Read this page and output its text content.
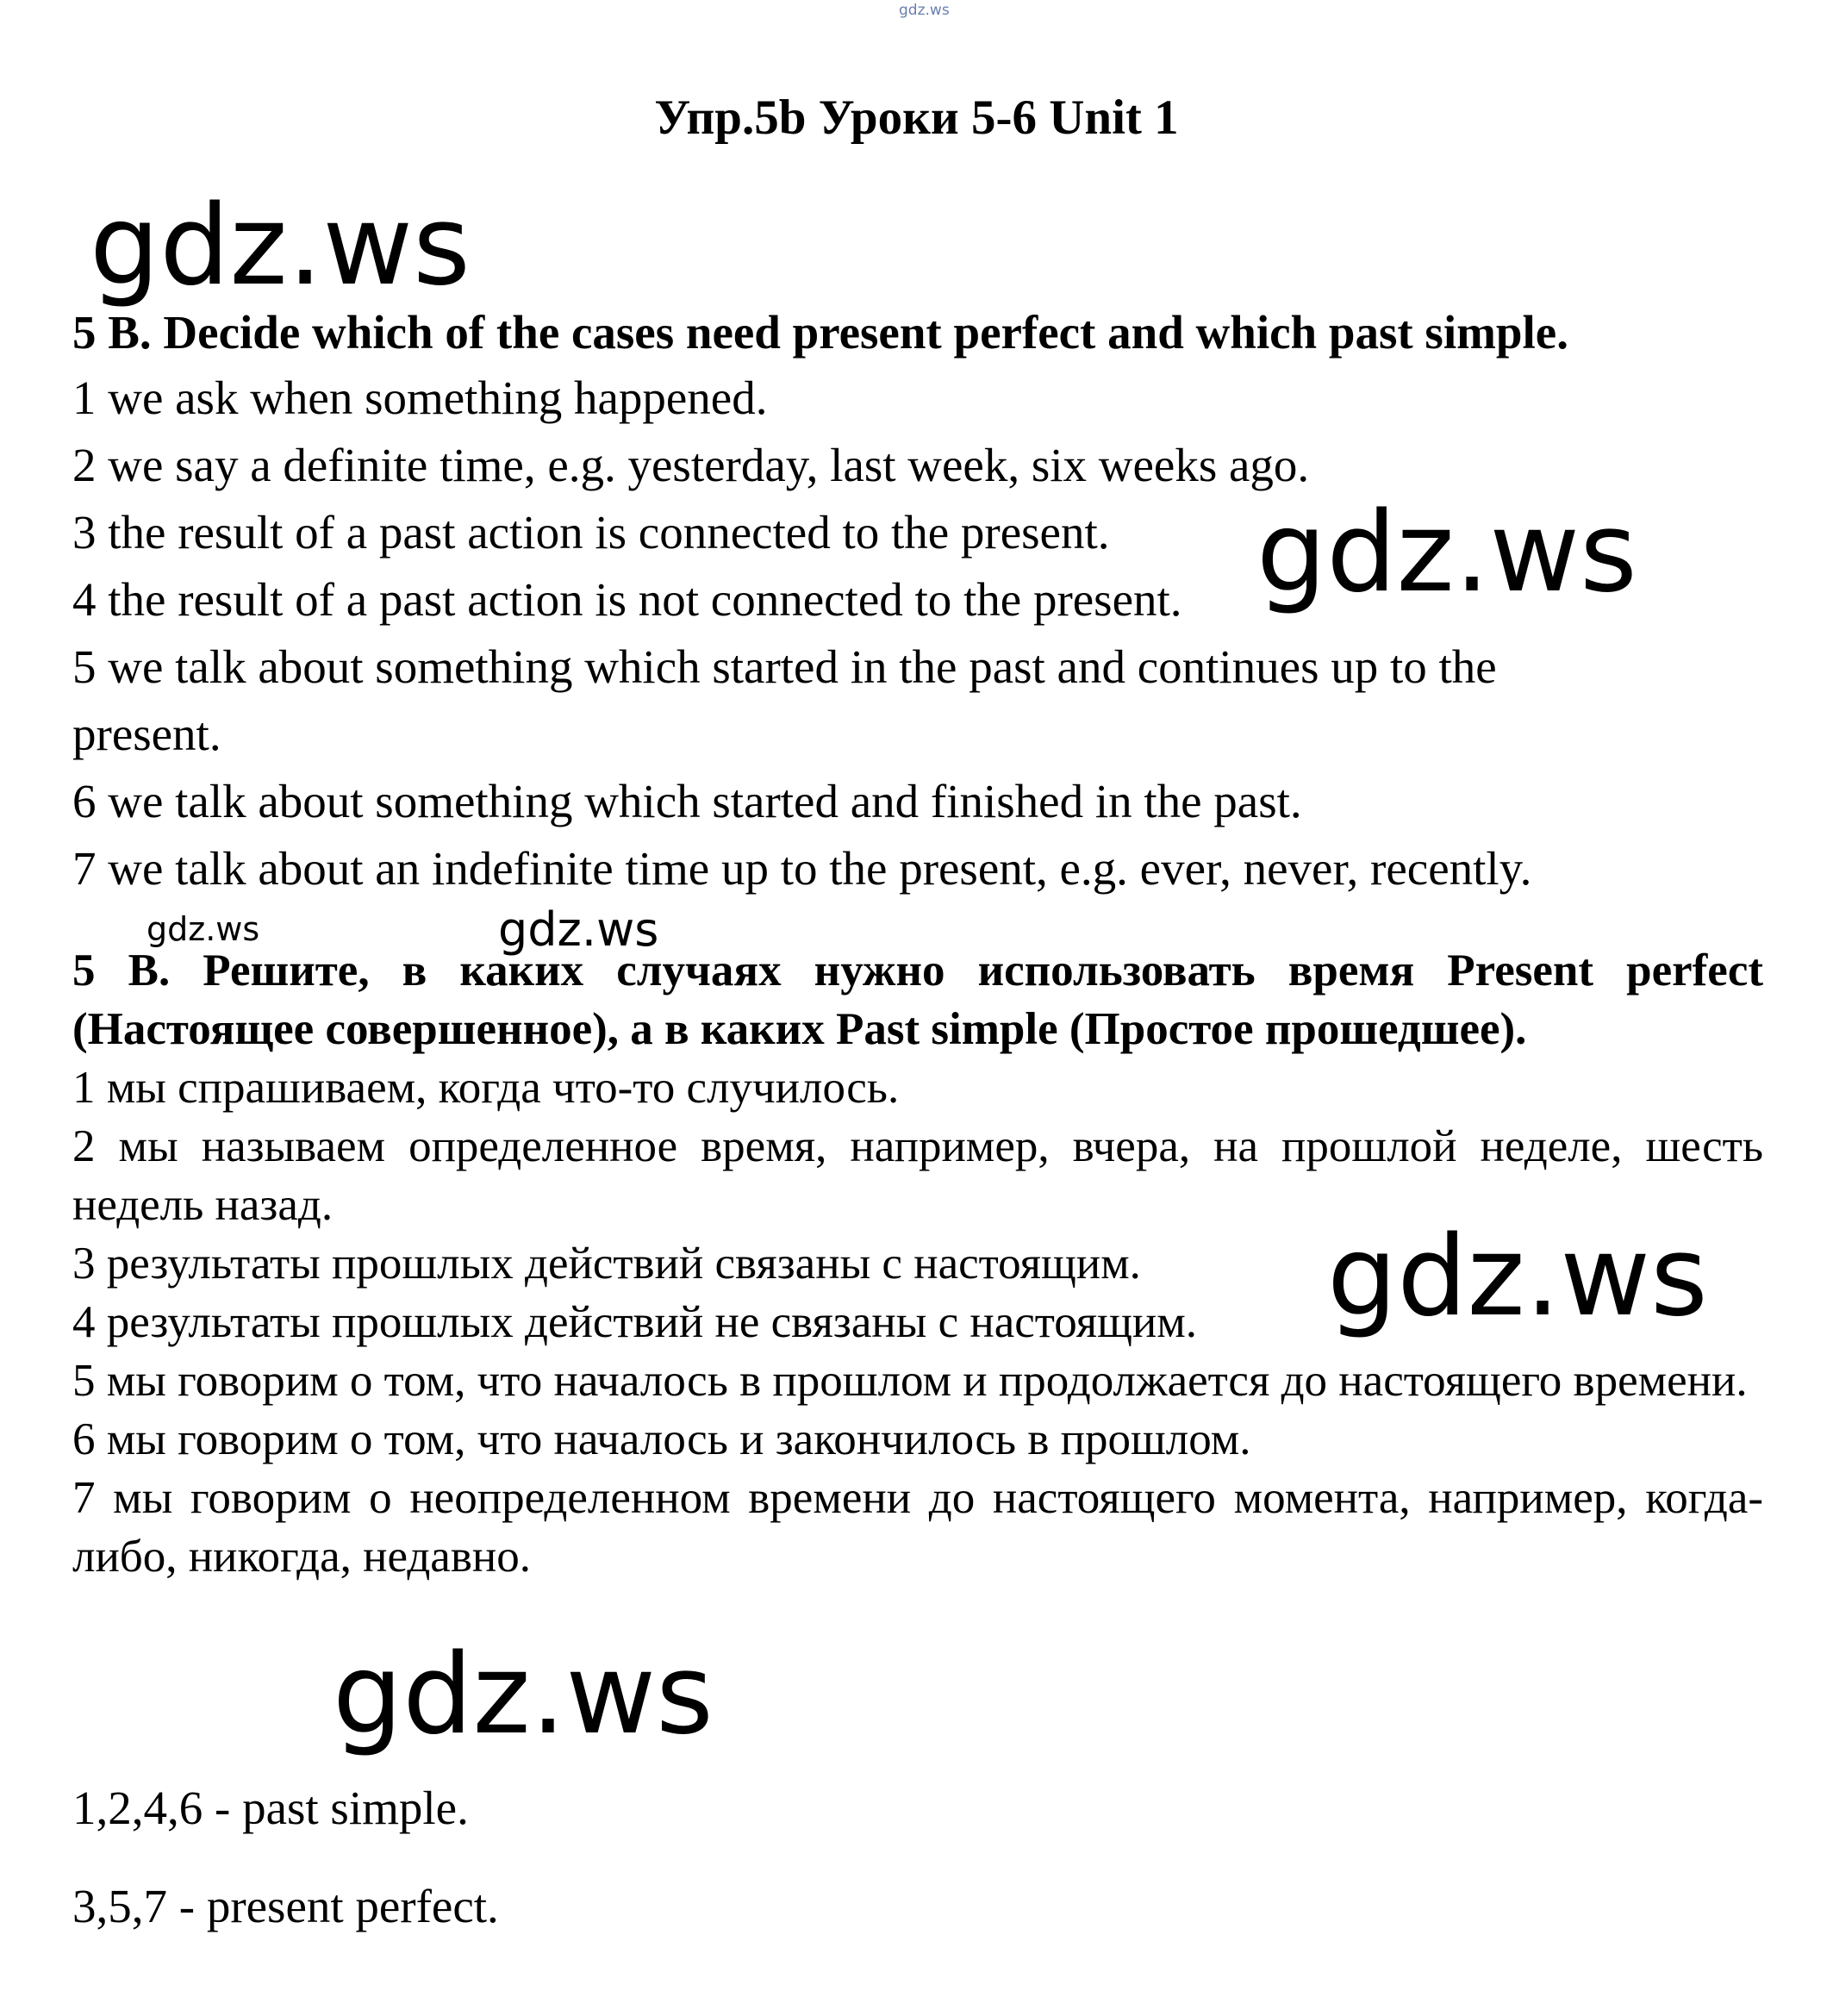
gdz.ws
Упр.5b Уроки 5-6 Unit 1
gdz.ws
gdz.ws
gdz.ws	gdz.ws
gdz.ws
gdz.ws
5 B. Decide which of the cases need present perfect and which past simple.
1 we ask when something happened.
2 we say a definite time, e.g. yesterday, last week, six weeks ago.
3 the result of a past action is connected to the present.
4 the result of a past action is not connected to the present.
5 we talk about something which started in the past and continues up to the
present.
6 we talk about something which started and finished in the past.
7 we talk about an indefinite time up to the present, e.g. ever, never, recently.

5 B. Решите, в каких случаях нужно использовать время Present perfect (Настоящее совершенное), а в каких Past simple (Простое прошедшее).

1 мы спрашиваем, когда что-то случилось.

2 мы называем определенное время, например, вчера, на прошлой неделе, шесть недель назад.

3 результаты прошлых действий связаны с настоящим.

4 результаты прошлых действий не связаны с настоящим.

5 мы говорим о том, что началось в прошлом и продолжается до настоящего времени.

6 мы говорим о том, что началось и закончилось в прошлом.

7 мы говорим о неопределенном времени до настоящего момента, например, когда-либо, никогда, недавно.

1,2,4,6 - past simple.
3,5,7 - present perfect.
